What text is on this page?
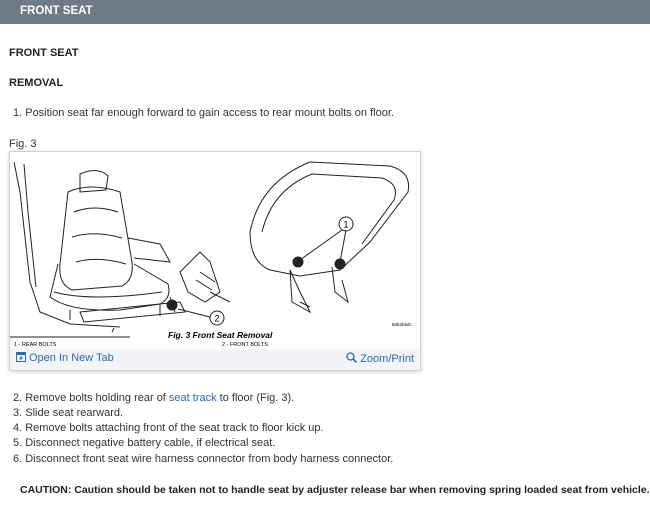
FRONT SEAT
FRONT SEAT
REMOVAL
1. Position seat far enough forward to gain access to rear mount bolts on floor.
Fig. 3
1
2
Fig. 3 Front Seat Removal
1 - REAR BOLTS	2 - FRONT BOLTS
80b2b6dc
Open In New Tab	Zoom/Print
2. Remove bolts holding rear of seat track to floor (Fig. 3).
3. Slide seat rearward.
4. Remove bolts attaching front of the seat track to floor kick up.
5. Disconnect negative battery cable, if electrical seat.
6. Disconnect front seat wire harness connector from body harness connector.
CAUTION: Caution should be taken not to handle seat by adjuster release bar when removing spring loaded seat from vehicle.
